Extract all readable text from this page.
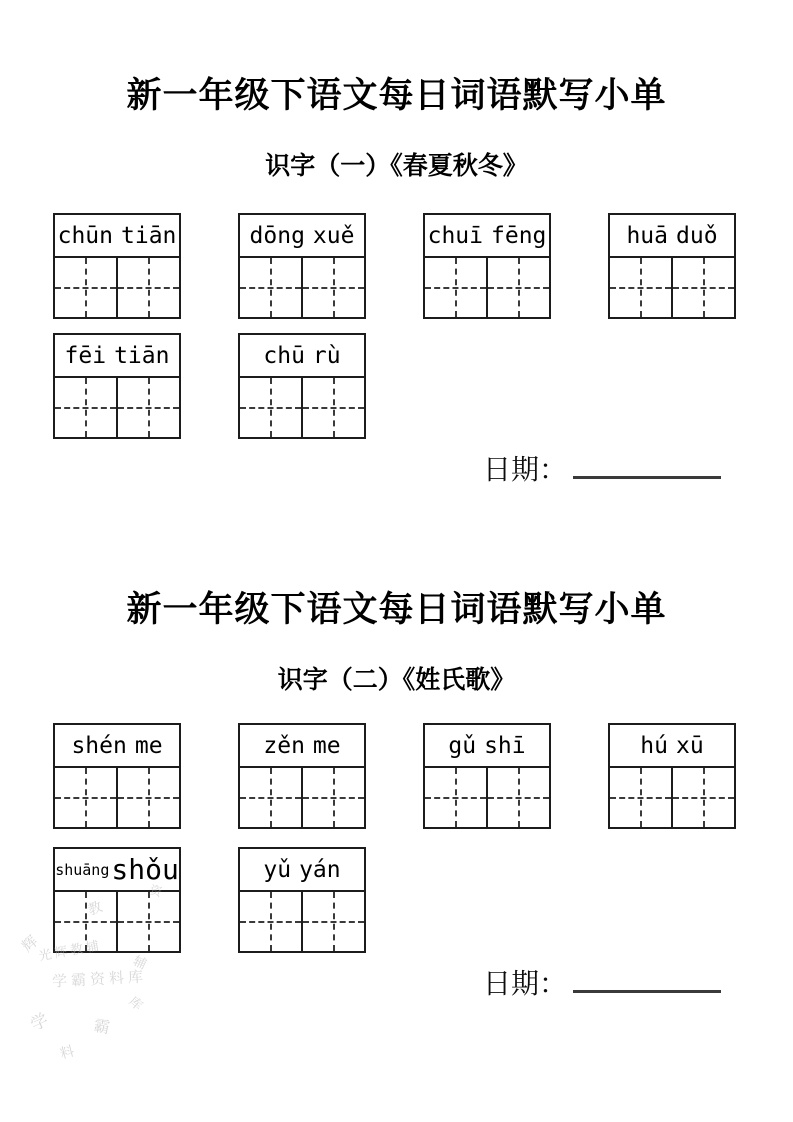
新一年级下语文每日词语默写小单
识字（一）《春夏秋冬》
chūn tiān	dōng xuě	chuī fēng	huā duǒ
fēi tiān	chū rù
日期：
新一年级下语文每日词语默写小单
识字（二）《姓氏歌》
shén me	zěn me	gǔ shī	hú xū
shuāng shǒu	yǔ yán
日期：
光辉教辅
学霸资料库
辉
辅
教
资
学	霸
库
料
